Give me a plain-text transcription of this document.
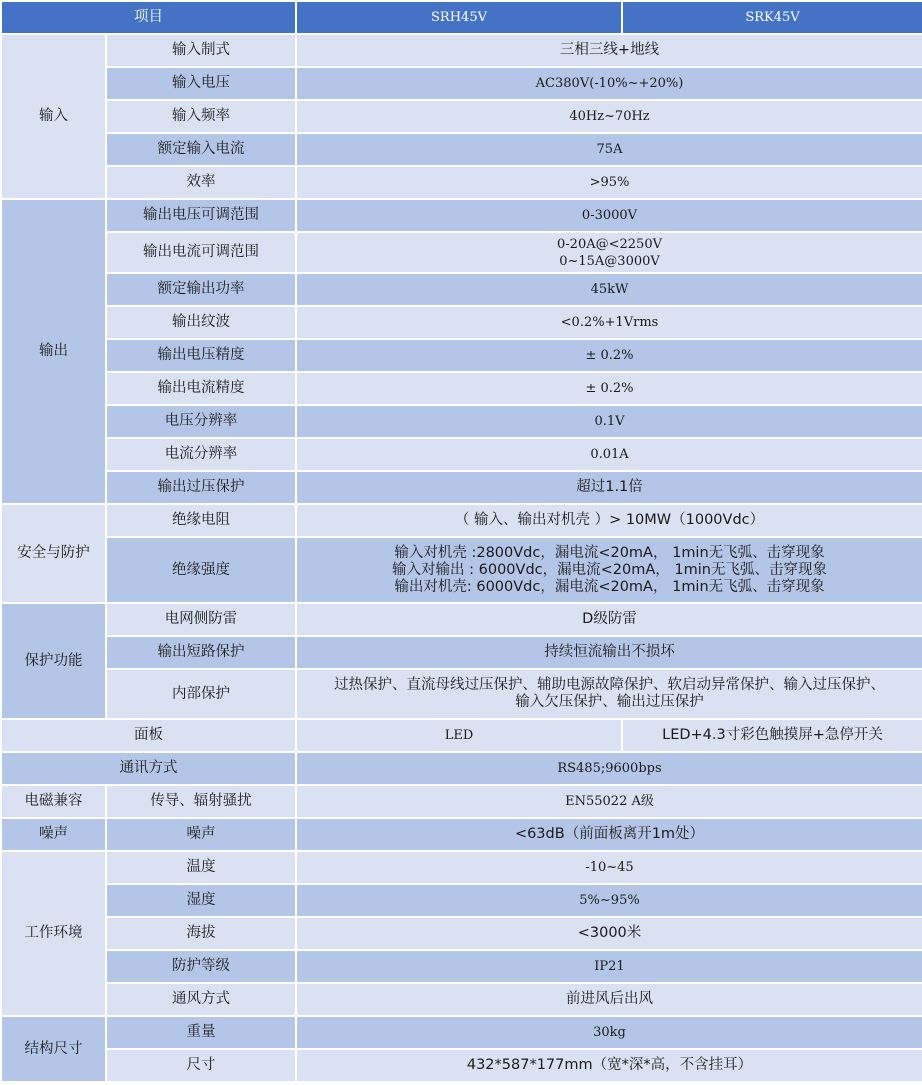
项目		SRH45V	SRK45V
输入	输入制式	三相三线+地线	
	输入电压	AC380V(-10%~+20%)	
	输入频率	40Hz~70Hz	
	额定输入电流	75A	
	效率	>95%	
输出	输出电压可调范围	0-3000V	
	输出电流可调范围	0-20A@<2250V
0~15A@3000V	

	额定输出功率	45kW	
	输出纹波	<0.2%+1Vrms	
	输出电压精度	± 0.2%	
	输出电流精度	± 0.2%	
	电压分辨率	0.1V	
	电流分辨率	0.01A	
	输出过压保护	超过1.1倍	
安全与防护	绝缘电阻	（ 输入、输出对机壳 ）> 10MW（1000Vdc）	
	绝缘强度	输入对机壳 :2800Vdc，漏电流<20mA， 1min无飞弧、击穿现象
输入对输出 : 6000Vdc，漏电流<20mA， 1min无飞弧、击穿现象
输出对机壳: 6000Vdc，漏电流<20mA， 1min无飞弧、击穿现象	

保护功能	电网侧防雷	D级防雷	
	输出短路保护	持续恒流输出不损坏	
	内部保护	过热保护、直流母线过压保护、辅助电源故障保护、软启动异常保护、输入过压保护、
输入欠压保护、输出过压保护	

面板		LED	LED+4.3寸彩色触摸屏+急停开关
通讯方式		RS485;9600bps	
电磁兼容	传导、辐射骚扰	EN55022 A级	
噪声	噪声	<63dB（前面板离开1m处）	
工作环境	温度	-10~45	
	湿度	5%~95%	
	海拔	<3000米	
	防护等级	IP21	
	通风方式	前进风后出风	
结构尺寸	重量	30kg	
	尺寸	432*587*177mm（宽*深*高，不含挂耳）	
